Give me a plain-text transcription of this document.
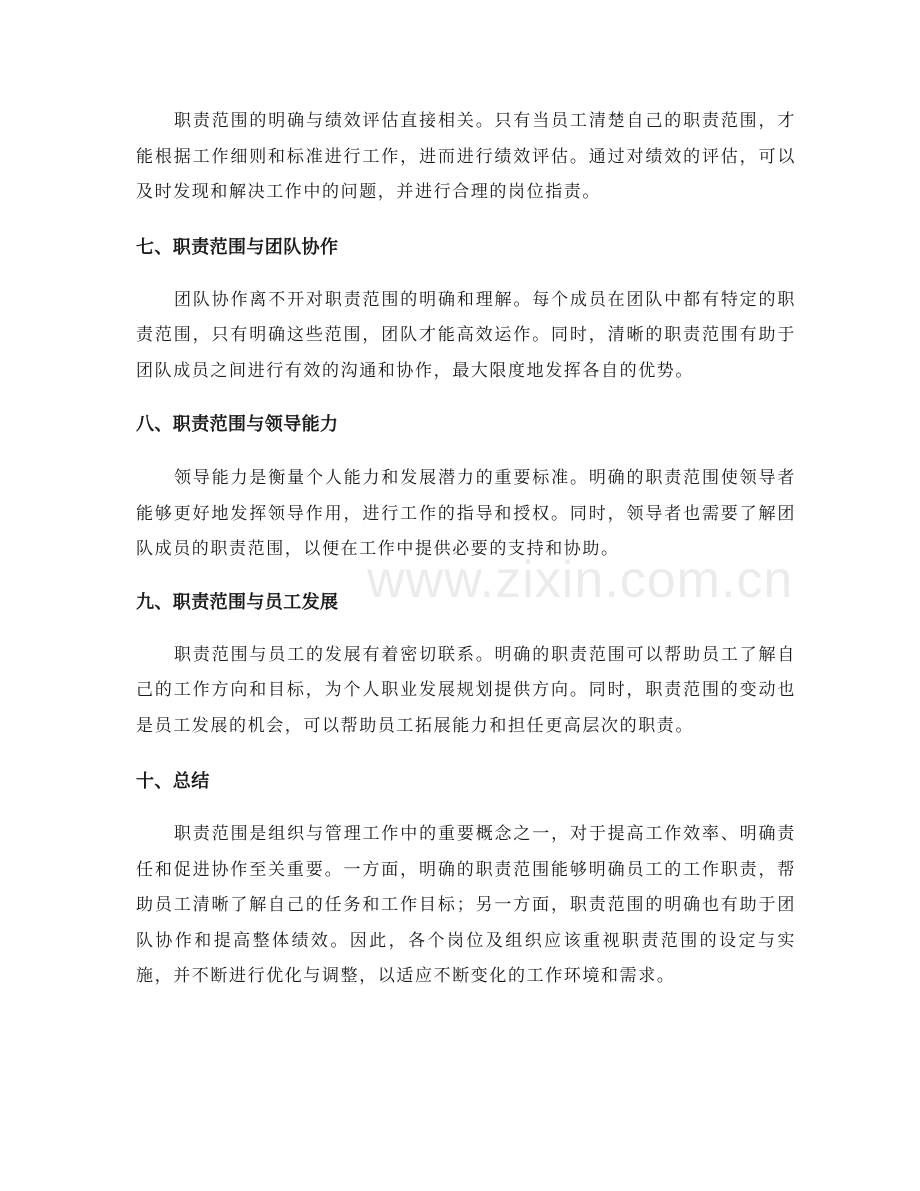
职责范围的明确与绩效评估直接相关。只有当员工清楚自己的职责范围，才能根据工作细则和标准进行工作，进而进行绩效评估。通过对绩效的评估，可以及时发现和解决工作中的问题，并进行合理的岗位指责。

七、职责范围与团队协作

团队协作离不开对职责范围的明确和理解。每个成员在团队中都有特定的职责范围，只有明确这些范围，团队才能高效运作。同时，清晰的职责范围有助于团队成员之间进行有效的沟通和协作，最大限度地发挥各自的优势。

八、职责范围与领导能力

领导能力是衡量个人能力和发展潜力的重要标准。明确的职责范围使领导者能够更好地发挥领导作用，进行工作的指导和授权。同时，领导者也需要了解团队成员的职责范围，以便在工作中提供必要的支持和协助。

九、职责范围与员工发展

职责范围与员工的发展有着密切联系。明确的职责范围可以帮助员工了解自己的工作方向和目标，为个人职业发展规划提供方向。同时，职责范围的变动也是员工发展的机会，可以帮助员工拓展能力和担任更高层次的职责。

十、总结

职责范围是组织与管理工作中的重要概念之一，对于提高工作效率、明确责任和促进协作至关重要。一方面，明确的职责范围能够明确员工的工作职责，帮助员工清晰了解自己的任务和工作目标；另一方面，职责范围的明确也有助于团队协作和提高整体绩效。因此，各个岗位及组织应该重视职责范围的设定与实施，并不断进行优化与调整，以适应不断变化的工作环境和需求。

www.zixin.com.cn
